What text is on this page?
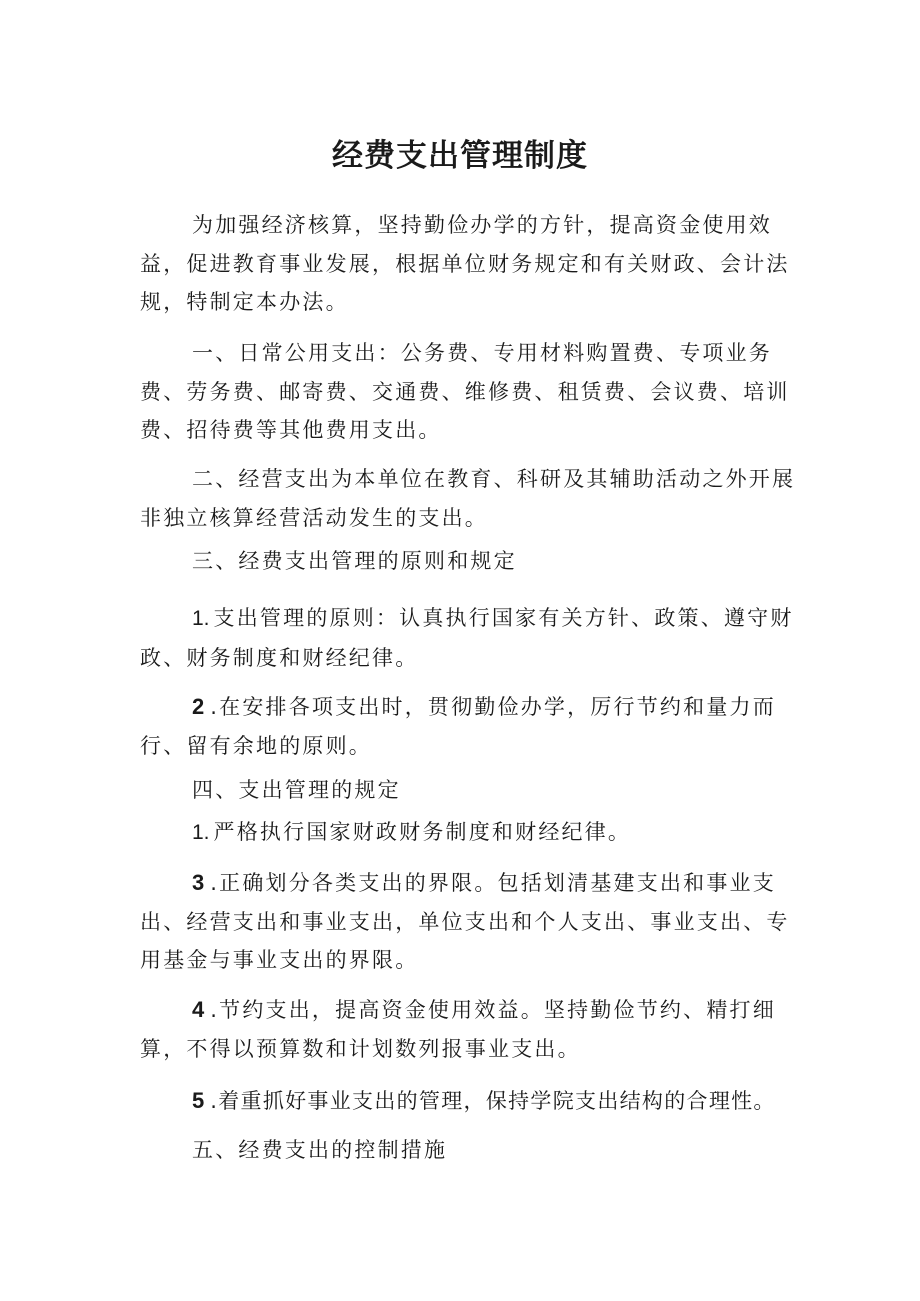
经费支出管理制度

为加强经济核算，坚持勤俭办学的方针，提高资金使用效益，促进教育事业发展，根据单位财务规定和有关财政、会计法规，特制定本办法。

一、日常公用支出：公务费、专用材料购置费、专项业务费、劳务费、邮寄费、交通费、维修费、租赁费、会议费、培训费、招待费等其他费用支出。

二、经营支出为本单位在教育、科研及其辅助活动之外开展非独立核算经营活动发生的支出。

三、经费支出管理的原则和规定

1. 支出管理的原则：认真执行国家有关方针、政策、遵守财政、财务制度和财经纪律。

2 .在安排各项支出时，贯彻勤俭办学，厉行节约和量力而行、留有余地的原则。

四、支出管理的规定

1. 严格执行国家财政财务制度和财经纪律。

3 .正确划分各类支出的界限。包括划清基建支出和事业支出、经营支出和事业支出，单位支出和个人支出、事业支出、专用基金与事业支出的界限。

4 .节约支出，提高资金使用效益。坚持勤俭节约、精打细算，不得以预算数和计划数列报事业支出。

5 .着重抓好事业支出的管理，保持学院支出结构的合理性。

五、经费支出的控制措施
